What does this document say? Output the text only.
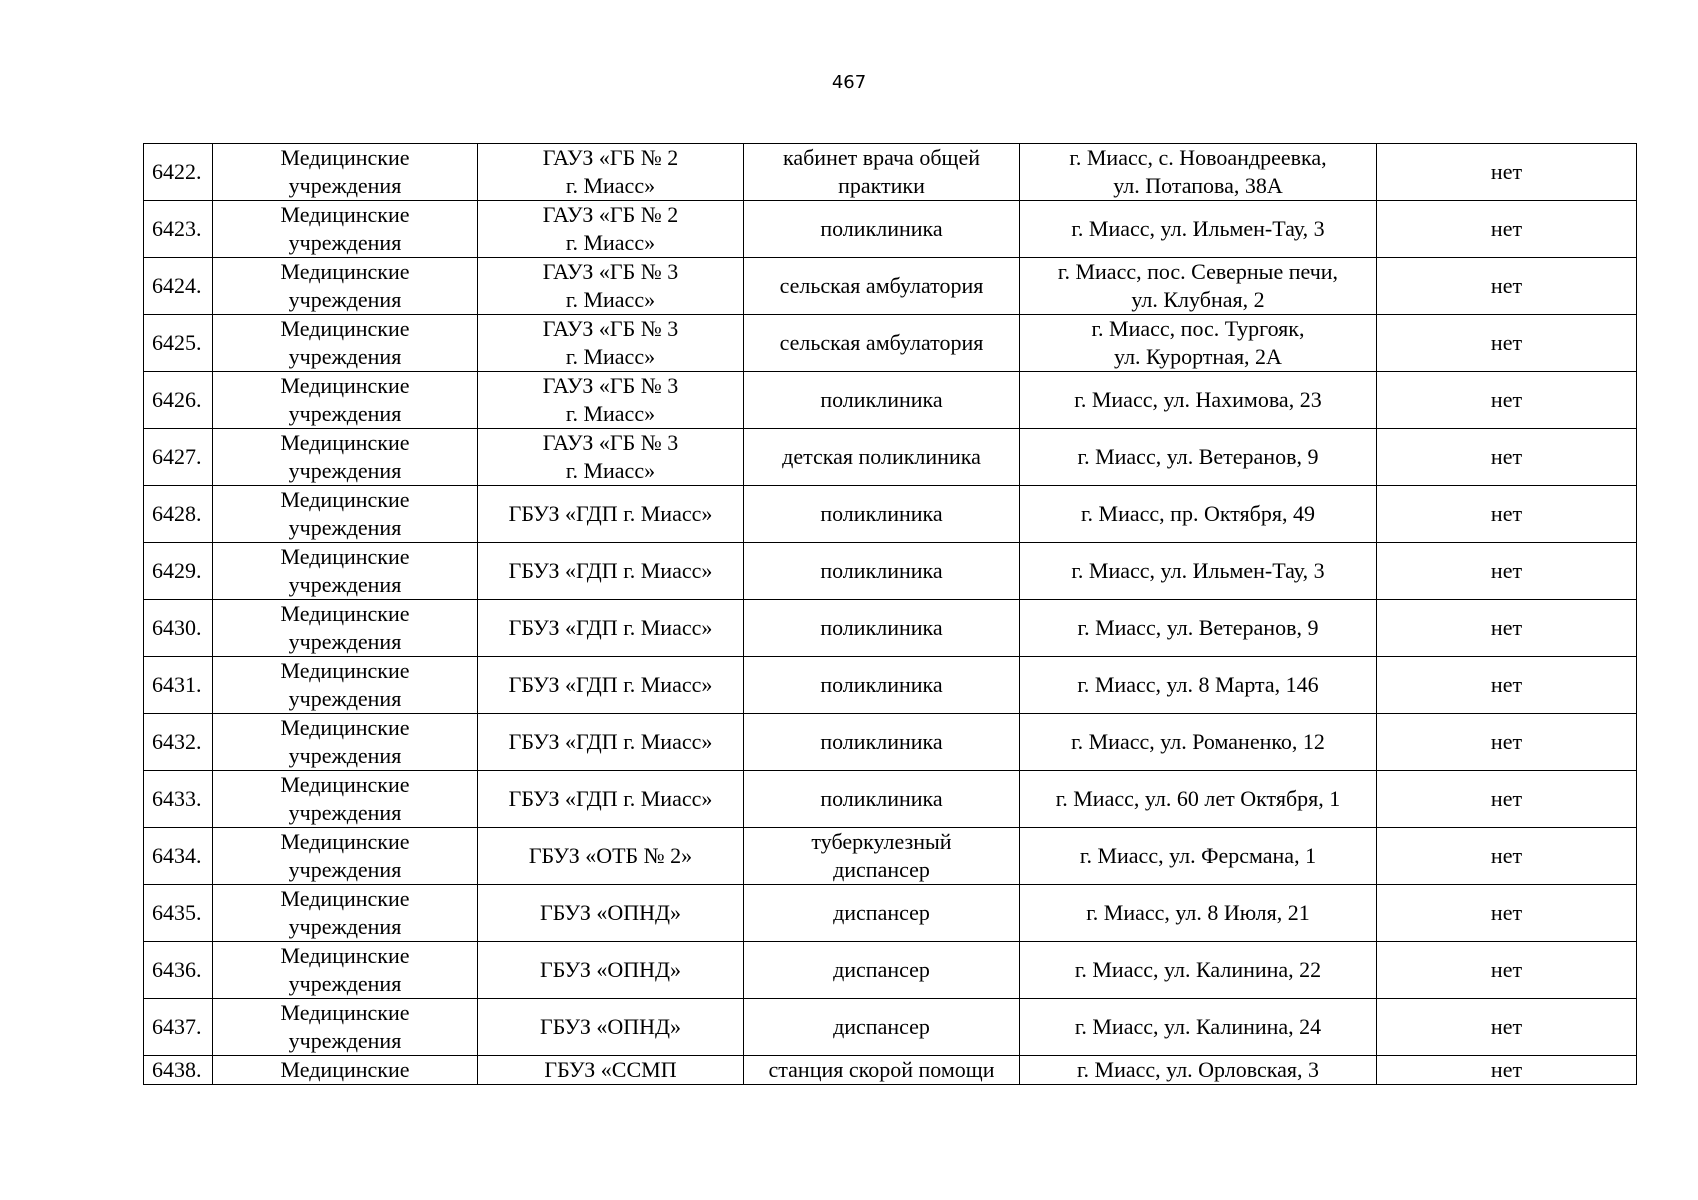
467
6422.	Медицинские
учреждения	ГАУЗ «ГБ № 2
г. Миасс»	кабинет врача общей
практики	г. Миасс, с. Новоандреевка,
ул. Потапова, 38А	нет
6423.	Медицинские
учреждения	ГАУЗ «ГБ № 2
г. Миасс»	поликлиника	г. Миасс, ул. Ильмен-Тау, 3	нет
6424.	Медицинские
учреждения	ГАУЗ «ГБ № 3
г. Миасс»	сельская амбулатория	г. Миасс, пос. Северные печи,
ул. Клубная, 2	нет
6425.	Медицинские
учреждения	ГАУЗ «ГБ № 3
г. Миасс»	сельская амбулатория	г. Миасс, пос. Тургояк,
ул. Курортная, 2А	нет
6426.	Медицинские
учреждения	ГАУЗ «ГБ № 3
г. Миасс»	поликлиника	г. Миасс, ул. Нахимова, 23	нет
6427.	Медицинские
учреждения	ГАУЗ «ГБ № 3
г. Миасс»	детская поликлиника	г. Миасс, ул. Ветеранов, 9	нет
6428.	Медицинские
учреждения	ГБУЗ «ГДП г. Миасс»	поликлиника	г. Миасс, пр. Октября, 49	нет
6429.	Медицинские
учреждения	ГБУЗ «ГДП г. Миасс»	поликлиника	г. Миасс, ул. Ильмен-Тау, 3	нет
6430.	Медицинские
учреждения	ГБУЗ «ГДП г. Миасс»	поликлиника	г. Миасс, ул. Ветеранов, 9	нет
6431.	Медицинские
учреждения	ГБУЗ «ГДП г. Миасс»	поликлиника	г. Миасс, ул. 8 Марта, 146	нет
6432.	Медицинские
учреждения	ГБУЗ «ГДП г. Миасс»	поликлиника	г. Миасс, ул. Романенко, 12	нет
6433.	Медицинские
учреждения	ГБУЗ «ГДП г. Миасс»	поликлиника	г. Миасс, ул. 60 лет Октября, 1	нет
6434.	Медицинские
учреждения	ГБУЗ «ОТБ № 2»	туберкулезный
диспансер	г. Миасс, ул. Ферсмана, 1	нет
6435.	Медицинские
учреждения	ГБУЗ «ОПНД»	диспансер	г. Миасс, ул. 8 Июля, 21	нет
6436.	Медицинские
учреждения	ГБУЗ «ОПНД»	диспансер	г. Миасс, ул. Калинина, 22	нет
6437.	Медицинские
учреждения	ГБУЗ «ОПНД»	диспансер	г. Миасс, ул. Калинина, 24	нет
6438.	Медицинские	ГБУЗ «ССМП	станция скорой помощи	г. Миасс, ул. Орловская, 3	нет
